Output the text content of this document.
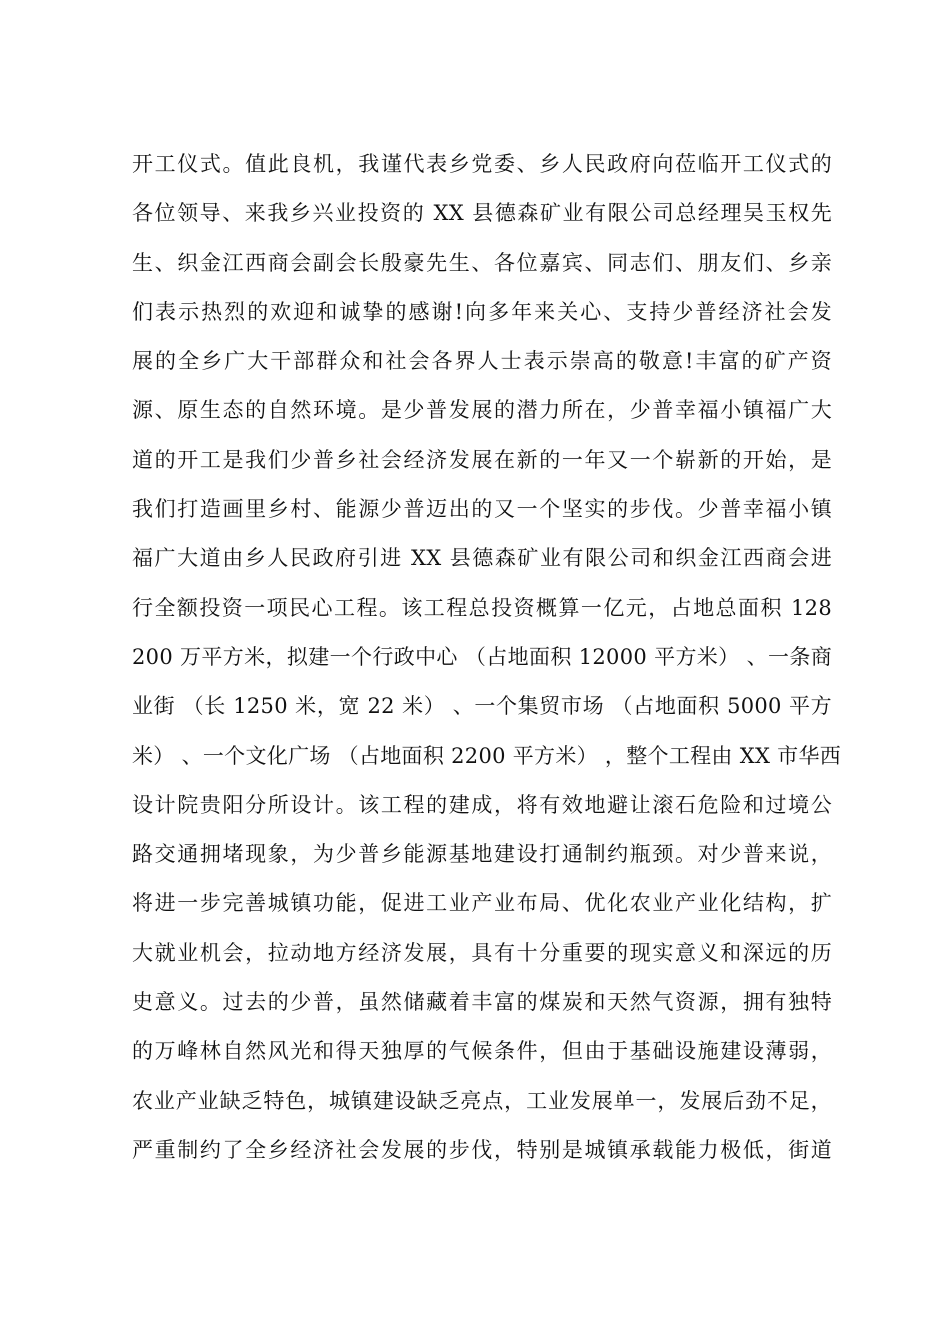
开工仪式。值此良机，我谨代表乡党委、乡人民政府向莅临开工仪式的
各位领导、来我乡兴业投资的 XX 县德森矿业有限公司总经理吴玉权先
生、织金江西商会副会长殷豪先生、各位嘉宾、同志们、朋友们、乡亲
们表示热烈的欢迎和诚挚的感谢!向多年来关心、支持少普经济社会发
展的全乡广大干部群众和社会各界人士表示崇高的敬意!丰富的矿产资
源、原生态的自然环境。是少普发展的潜力所在，少普幸福小镇福广大
道的开工是我们少普乡社会经济发展在新的一年又一个崭新的开始，是
我们打造画里乡村、能源少普迈出的又一个坚实的步伐。少普幸福小镇
福广大道由乡人民政府引进 XX 县德森矿业有限公司和织金江西商会进
行全额投资一项民心工程。该工程总投资概算一亿元，占地总面积 128
200 万平方米，拟建一个行政中心 （占地面积 12000 平方米） 、一条商
业街 （长 1250 米，宽 22 米） 、一个集贸市场 （占地面积 5000 平方
米） 、一个文化广场 （占地面积 2200 平方米） ，整个工程由 XX 市华西
设计院贵阳分所设计。该工程的建成，将有效地避让滚石危险和过境公
路交通拥堵现象，为少普乡能源基地建设打通制约瓶颈。对少普来说，
将进一步完善城镇功能，促进工业产业布局、优化农业产业化结构，扩
大就业机会，拉动地方经济发展，具有十分重要的现实意义和深远的历
史意义。过去的少普，虽然储藏着丰富的煤炭和天然气资源，拥有独特
的万峰林自然风光和得天独厚的气候条件，但由于基础设施建设薄弱，
农业产业缺乏特色，城镇建设缺乏亮点，工业发展单一，发展后劲不足，
严重制约了全乡经济社会发展的步伐，特别是城镇承载能力极低，街道
